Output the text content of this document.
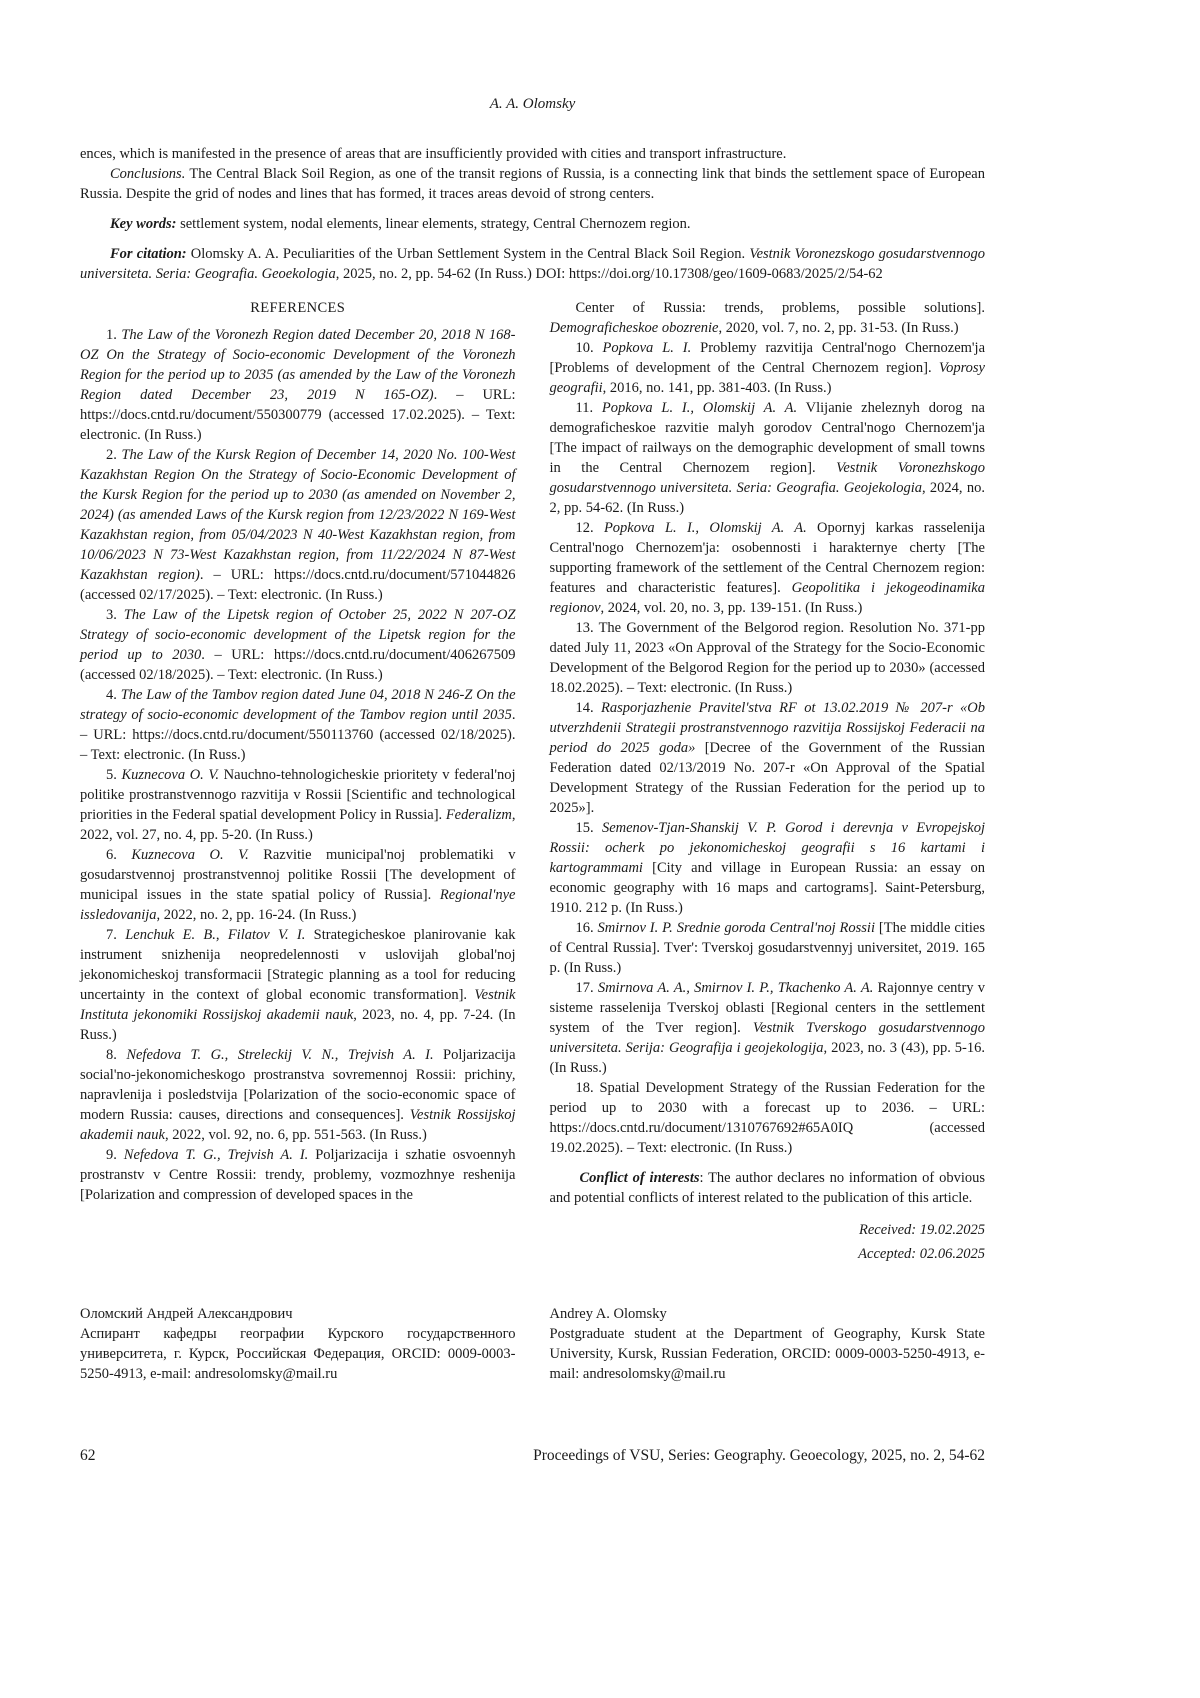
A. A. Olomsky

ences, which is manifested in the presence of areas that are insufficiently provided with cities and transport infrastructure.

Conclusions. The Central Black Soil Region, as one of the transit regions of Russia, is a connecting link that binds the settlement space of European Russia. Despite the grid of nodes and lines that has formed, it traces areas devoid of strong centers.

Key words: settlement system, nodal elements, linear elements, strategy, Central Chernozem region.

For citation: Olomsky A. A. Peculiarities of the Urban Settlement System in the Central Black Soil Region. Vestnik Voronezskogo gosudarstvennogo universiteta. Seria: Geografia. Geoekologia, 2025, no. 2, pp. 54-62 (In Russ.) DOI: https://doi.org/10.17308/geo/1609-0683/2025/2/54-62

REFERENCES

1. The Law of the Voronezh Region dated December 20, 2018 N 168-OZ On the Strategy of Socio-economic Development of the Voronezh Region for the period up to 2035 (as amended by the Law of the Voronezh Region dated December 23, 2019 N 165-OZ). – URL: https://docs.cntd.ru/document/550300779 (accessed 17.02.2025). – Text: electronic. (In Russ.)

2. The Law of the Kursk Region of December 14, 2020 No. 100-West Kazakhstan Region On the Strategy of Socio-Economic Development of the Kursk Region for the period up to 2030 (as amended on November 2, 2024) (as amended Laws of the Kursk region from 12/23/2022 N 169-West Kazakhstan region, from 05/04/2023 N 40-West Kazakhstan region, from 10/06/2023 N 73-West Kazakhstan region, from 11/22/2024 N 87-West Kazakhstan region). – URL: https://docs.cntd.ru/document/571044826 (accessed 02/17/2025). – Text: electronic. (In Russ.)

3. The Law of the Lipetsk region of October 25, 2022 N 207-OZ Strategy of socio-economic development of the Lipetsk region for the period up to 2030. – URL: https://docs.cntd.ru/document/406267509 (accessed 02/18/2025). – Text: electronic. (In Russ.)

4. The Law of the Tambov region dated June 04, 2018 N 246-Z On the strategy of socio-economic development of the Tambov region until 2035. – URL: https://docs.cntd.ru/document/550113760 (accessed 02/18/2025). – Text: electronic. (In Russ.)

5. Kuznecova O. V. Nauchno-tehnologicheskie prioritety v federal'noj politike prostranstvennogo razvitija v Rossii [Scientific and technological priorities in the Federal spatial development Policy in Russia]. Federalizm, 2022, vol. 27, no. 4, pp. 5-20. (In Russ.)

6. Kuznecova O. V. Razvitie municipal'noj problematiki v gosudarstvennoj prostranstvennoj politike Rossii [The development of municipal issues in the state spatial policy of Russia]. Regional'nye issledovanija, 2022, no. 2, pp. 16-24. (In Russ.)

7. Lenchuk E. B., Filatov V. I. Strategicheskoe planirovanie kak instrument snizhenija neopredelennosti v uslovijah global'noj jekonomicheskoj transformacii [Strategic planning as a tool for reducing uncertainty in the context of global economic transformation]. Vestnik Instituta jekonomiki Rossijskoj akademii nauk, 2023, no. 4, pp. 7-24. (In Russ.)

8. Nefedova T. G., Streleckij V. N., Trejvish A. I. Poljarizacija social'no-jekonomicheskogo prostranstva sovremennoj Rossii: prichiny, napravlenija i posledstvija [Polarization of the socio-economic space of modern Russia: causes, directions and consequences]. Vestnik Rossijskoj akademii nauk, 2022, vol. 92, no. 6, pp. 551-563. (In Russ.)

9. Nefedova T. G., Trejvish A. I. Poljarizacija i szhatie osvoennyh prostranstv v Centre Rossii: trendy, problemy, vozmozhnye reshenija [Polarization and compression of developed spaces in the

Center of Russia: trends, problems, possible solutions]. Demograficheskoe obozrenie, 2020, vol. 7, no. 2, pp. 31-53. (In Russ.)

10. Popkova L. I. Problemy razvitija Central'nogo Chernozem'ja [Problems of development of the Central Chernozem region]. Voprosy geografii, 2016, no. 141, pp. 381-403. (In Russ.)

11. Popkova L. I., Olomskij A. A. Vlijanie zheleznyh dorog na demograficheskoe razvitie malyh gorodov Central'nogo Chernozem'ja [The impact of railways on the demographic development of small towns in the Central Chernozem region]. Vestnik Voronezhskogo gosudarstvennogo universiteta. Seria: Geografia. Geojekologia, 2024, no. 2, pp. 54-62. (In Russ.)

12. Popkova L. I., Olomskij A. A. Opornyj karkas rasselenija Central'nogo Chernozem'ja: osobennosti i harakternye cherty [The supporting framework of the settlement of the Central Chernozem region: features and characteristic features]. Geopolitika i jekogeodinamika regionov, 2024, vol. 20, no. 3, pp. 139-151. (In Russ.)

13. The Government of the Belgorod region. Resolution No. 371-pp dated July 11, 2023 «On Approval of the Strategy for the Socio-Economic Development of the Belgorod Region for the period up to 2030» (accessed 18.02.2025). – Text: electronic. (In Russ.)

14. Rasporjazhenie Pravitel'stva RF ot 13.02.2019 № 207-r «Ob utverzhdenii Strategii prostranstvennogo razvitija Rossijskoj Federacii na period do 2025 goda» [Decree of the Government of the Russian Federation dated 02/13/2019 No. 207-r «On Approval of the Spatial Development Strategy of the Russian Federation for the period up to 2025»].

15. Semenov-Tjan-Shanskij V. P. Gorod i derevnja v Evropejskoj Rossii: ocherk po jekonomicheskoj geografii s 16 kartami i kartogrammami [City and village in European Russia: an essay on economic geography with 16 maps and cartograms]. Saint-Petersburg, 1910. 212 p. (In Russ.)

16. Smirnov I. P. Srednie goroda Central'noj Rossii [The middle cities of Central Russia]. Tver': Tverskoj gosudarstvennyj universitet, 2019. 165 p. (In Russ.)

17. Smirnova A. A., Smirnov I. P., Tkachenko A. A. Rajonnye centry v sisteme rasselenija Tverskoj oblasti [Regional centers in the settlement system of the Tver region]. Vestnik Tverskogo gosudarstvennogo universiteta. Serija: Geografija i geojekologija, 2023, no. 3 (43), pp. 5-16. (In Russ.)

18. Spatial Development Strategy of the Russian Federation for the period up to 2030 with a forecast up to 2036. – URL: https://docs.cntd.ru/document/1310767692#65A0IQ (accessed 19.02.2025). – Text: electronic. (In Russ.)

Conflict of interests: The author declares no information of obvious and potential conflicts of interest related to the publication of this article.

Received: 19.02.2025

Accepted: 02.06.2025

Оломский Андрей Александрович

Аспирант кафедры географии Курского государственного университета, г. Курск, Российская Федерация, ORCID: 0009-0003-5250-4913, e-mail: andresolomsky@mail.ru

Andrey A. Olomsky

Postgraduate student at the Department of Geography, Kursk State University, Kursk, Russian Federation, ORCID: 0009-0003-5250-4913, e-mail: andresolomsky@mail.ru

62	Proceedings of VSU, Series: Geography. Geoecology, 2025, no. 2, 54-62
